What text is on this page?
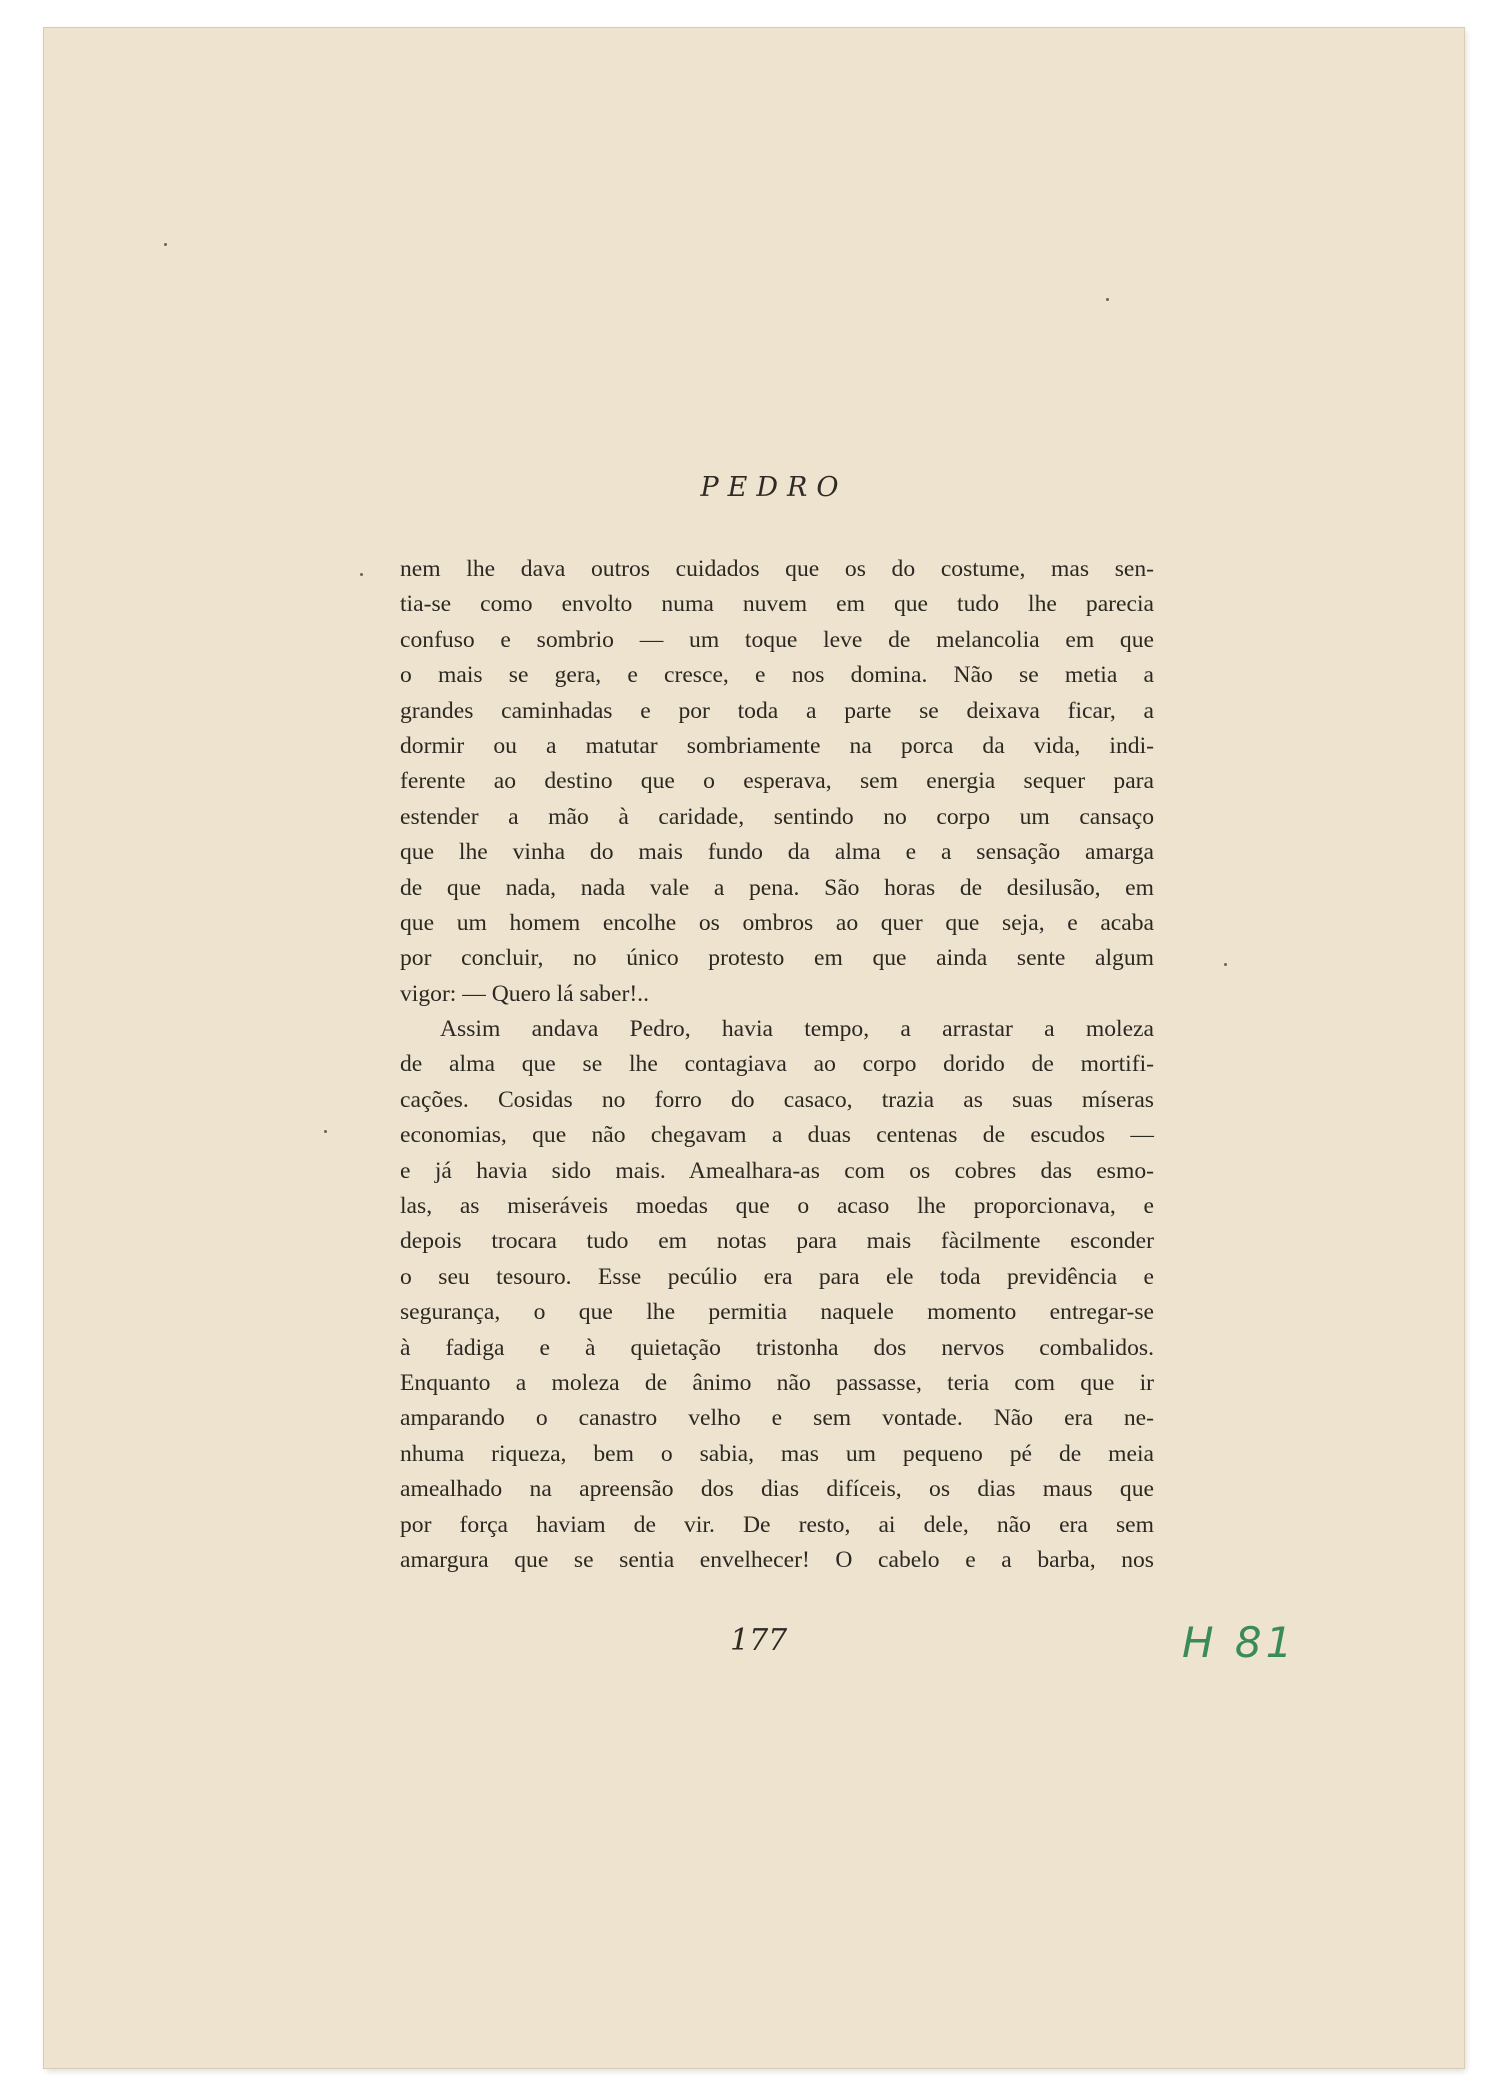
PEDRO
nem lhe dava outros cuidados que os do costume, mas sen-
tia-se como envolto numa nuvem em que tudo lhe parecia
confuso e sombrio — um toque leve de melancolia em que
o mais se gera, e cresce, e nos domina. Não se metia a
grandes caminhadas e por toda a parte se deixava ficar, a
dormir ou a matutar sombriamente na porca da vida, indi-
ferente ao destino que o esperava, sem energia sequer para
estender a mão à caridade, sentindo no corpo um cansaço
que lhe vinha do mais fundo da alma e a sensação amarga
de que nada, nada vale a pena. São horas de desilusão, em
que um homem encolhe os ombros ao quer que seja, e acaba
por concluir, no único protesto em que ainda sente algum
vigor: — Quero lá saber!..
Assim andava Pedro, havia tempo, a arrastar a moleza
de alma que se lhe contagiava ao corpo dorido de mortifi-
cações. Cosidas no forro do casaco, trazia as suas míseras
economias, que não chegavam a duas centenas de escudos —
e já havia sido mais. Amealhara-as com os cobres das esmo-
las, as miseráveis moedas que o acaso lhe proporcionava, e
depois trocara tudo em notas para mais fàcilmente esconder
o seu tesouro. Esse pecúlio era para ele toda previdência e
segurança, o que lhe permitia naquele momento entregar-se
à fadiga e à quietação tristonha dos nervos combalidos.
Enquanto a moleza de ânimo não passasse, teria com que ir
amparando o canastro velho e sem vontade. Não era ne-
nhuma riqueza, bem o sabia, mas um pequeno pé de meia
amealhado na apreensão dos dias difíceis, os dias maus que
por força haviam de vir. De resto, ai dele, não era sem
amargura que se sentia envelhecer! O cabelo e a barba, nos
177	H 81
